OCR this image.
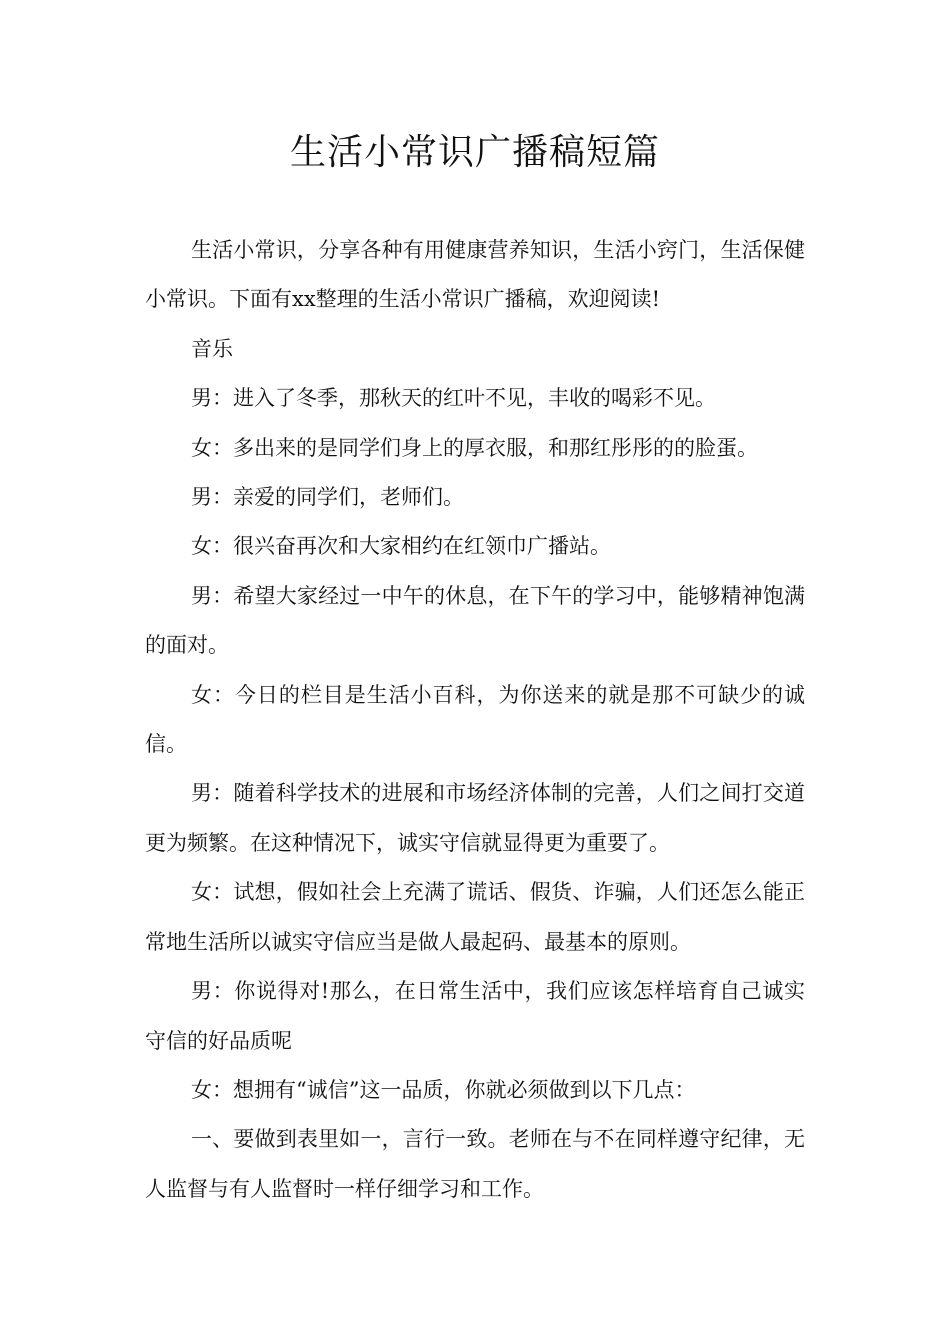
生活小常识广播稿短篇

生活小常识，分享各种有用健康营养知识，生活小窍门，生活保健小常识。下面有xx整理的生活小常识广播稿，欢迎阅读!

音乐

男：进入了冬季，那秋天的红叶不见，丰收的喝彩不见。

女：多出来的是同学们身上的厚衣服，和那红彤彤的的脸蛋。

男：亲爱的同学们，老师们。

女：很兴奋再次和大家相约在红领巾广播站。

男：希望大家经过一中午的休息，在下午的学习中，能够精神饱满的面对。

女：今日的栏目是生活小百科，为你送来的就是那不可缺少的诚信。

男：随着科学技术的进展和市场经济体制的完善，人们之间打交道更为频繁。在这种情况下，诚实守信就显得更为重要了。

女：试想，假如社会上充满了谎话、假货、诈骗，人们还怎么能正常地生活所以诚实守信应当是做人最起码、最基本的原则。

男：你说得对!那么，在日常生活中，我们应该怎样培育自己诚实守信的好品质呢

女：想拥有“诚信”这一品质，你就必须做到以下几点：

一、要做到表里如一，言行一致。老师在与不在同样遵守纪律，无人监督与有人监督时一样仔细学习和工作。
